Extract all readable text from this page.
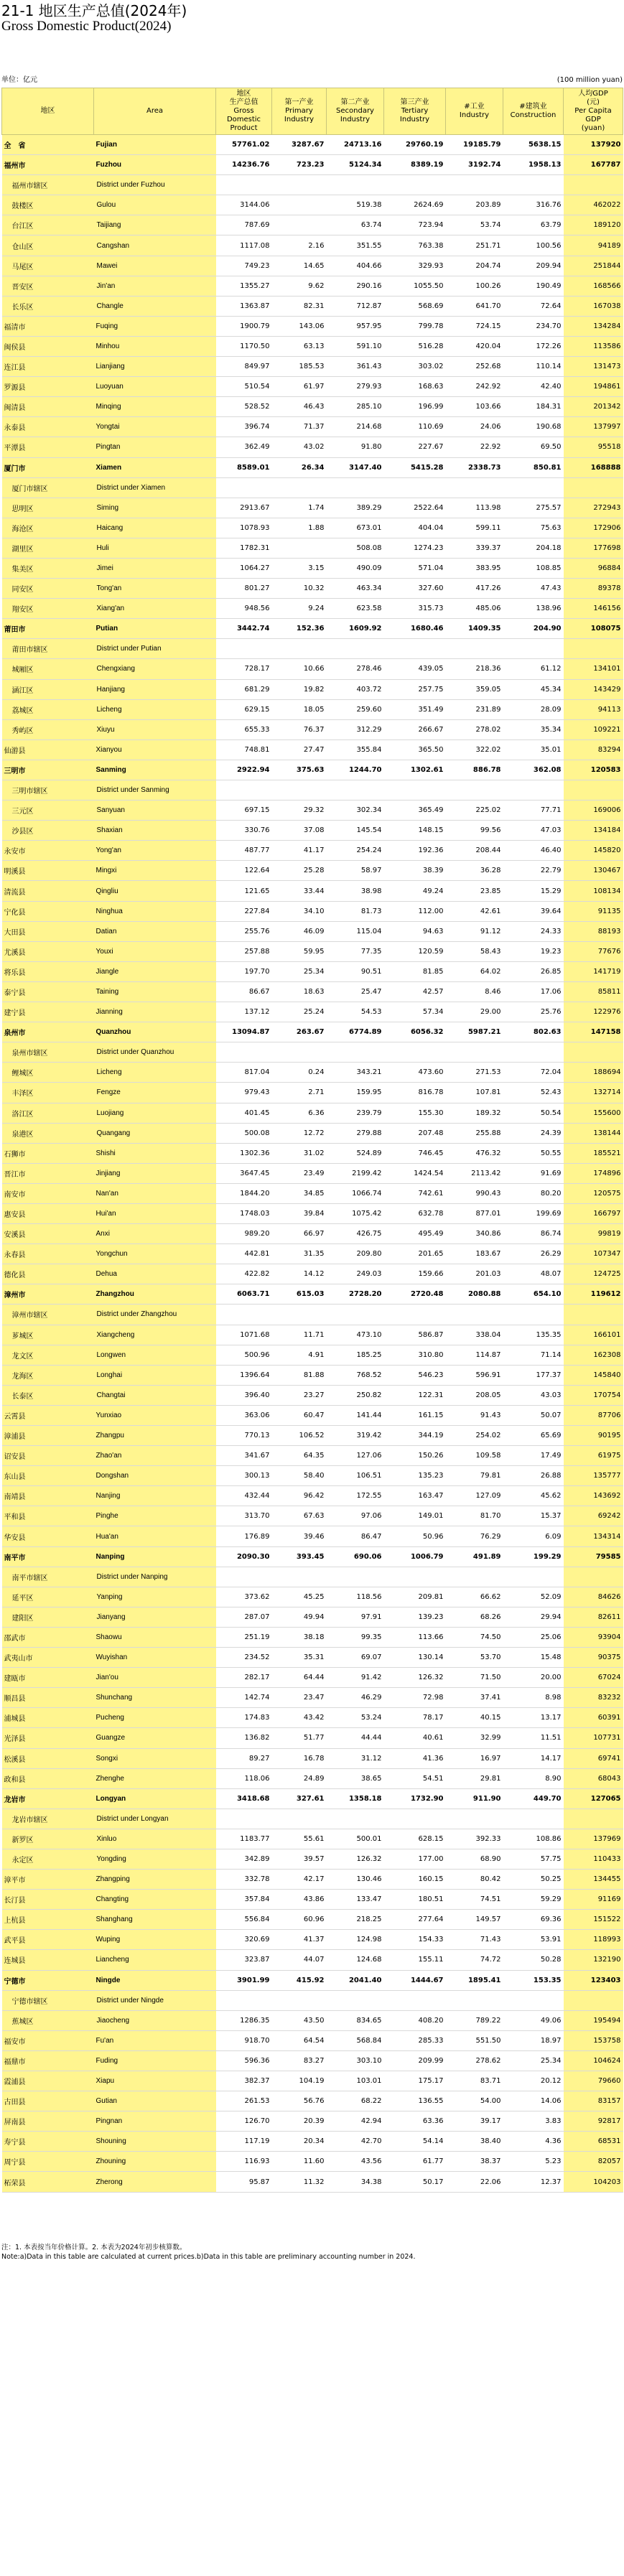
21-1 地区生产总值(2024年)
Gross Domestic Product(2024)
单位：亿元	(100 million yuan)
地区	Area	地区
生产总值
Gross
Domestic
Product	第一产业
Primary
Industry	第二产业
Secondary
Industry	第三产业
Tertiary
Industry	#工业
Industry	#建筑业
Construction	人均GDP
(元)
Per Capita
GDP
(yuan)
全　省	Fujian	57761.02	3287.67	24713.16	29760.19	19185.79	5638.15	137920
福州市	Fuzhou	14236.76	723.23	5124.34	8389.19	3192.74	1958.13	167787
福州市辖区	District under Fuzhou							
鼓楼区	Gulou	3144.06		519.38	2624.69	203.89	316.76	462022
台江区	Taijiang	787.69		63.74	723.94	53.74	63.79	189120
仓山区	Cangshan	1117.08	2.16	351.55	763.38	251.71	100.56	94189
马尾区	Mawei	749.23	14.65	404.66	329.93	204.74	209.94	251844
晋安区	Jin'an	1355.27	9.62	290.16	1055.50	100.26	190.49	168566
长乐区	Changle	1363.87	82.31	712.87	568.69	641.70	72.64	167038
福清市	Fuqing	1900.79	143.06	957.95	799.78	724.15	234.70	134284
闽侯县	Minhou	1170.50	63.13	591.10	516.28	420.04	172.26	113586
连江县	Lianjiang	849.97	185.53	361.43	303.02	252.68	110.14	131473
罗源县	Luoyuan	510.54	61.97	279.93	168.63	242.92	42.40	194861
闽清县	Minqing	528.52	46.43	285.10	196.99	103.66	184.31	201342
永泰县	Yongtai	396.74	71.37	214.68	110.69	24.06	190.68	137997
平潭县	Pingtan	362.49	43.02	91.80	227.67	22.92	69.50	95518
厦门市	Xiamen	8589.01	26.34	3147.40	5415.28	2338.73	850.81	168888
厦门市辖区	District under Xiamen							
思明区	Siming	2913.67	1.74	389.29	2522.64	113.98	275.57	272943
海沧区	Haicang	1078.93	1.88	673.01	404.04	599.11	75.63	172906
湖里区	Huli	1782.31		508.08	1274.23	339.37	204.18	177698
集美区	Jimei	1064.27	3.15	490.09	571.04	383.95	108.85	96884
同安区	Tong'an	801.27	10.32	463.34	327.60	417.26	47.43	89378
翔安区	Xiang'an	948.56	9.24	623.58	315.73	485.06	138.96	146156
莆田市	Putian	3442.74	152.36	1609.92	1680.46	1409.35	204.90	108075
莆田市辖区	District under Putian							
城厢区	Chengxiang	728.17	10.66	278.46	439.05	218.36	61.12	134101
涵江区	Hanjiang	681.29	19.82	403.72	257.75	359.05	45.34	143429
荔城区	Licheng	629.15	18.05	259.60	351.49	231.89	28.09	94113
秀屿区	Xiuyu	655.33	76.37	312.29	266.67	278.02	35.34	109221
仙游县	Xianyou	748.81	27.47	355.84	365.50	322.02	35.01	83294
三明市	Sanming	2922.94	375.63	1244.70	1302.61	886.78	362.08	120583
三明市辖区	District under Sanming							
三元区	Sanyuan	697.15	29.32	302.34	365.49	225.02	77.71	169006
沙县区	Shaxian	330.76	37.08	145.54	148.15	99.56	47.03	134184
永安市	Yong'an	487.77	41.17	254.24	192.36	208.44	46.40	145820
明溪县	Mingxi	122.64	25.28	58.97	38.39	36.28	22.79	130467
清流县	Qingliu	121.65	33.44	38.98	49.24	23.85	15.29	108134
宁化县	Ninghua	227.84	34.10	81.73	112.00	42.61	39.64	91135
大田县	Datian	255.76	46.09	115.04	94.63	91.12	24.33	88193
尤溪县	Youxi	257.88	59.95	77.35	120.59	58.43	19.23	77676
将乐县	Jiangle	197.70	25.34	90.51	81.85	64.02	26.85	141719
泰宁县	Taining	86.67	18.63	25.47	42.57	8.46	17.06	85811
建宁县	Jianning	137.12	25.24	54.53	57.34	29.00	25.76	122976
泉州市	Quanzhou	13094.87	263.67	6774.89	6056.32	5987.21	802.63	147158
泉州市辖区	District under Quanzhou							
鲤城区	Licheng	817.04	0.24	343.21	473.60	271.53	72.04	188694
丰泽区	Fengze	979.43	2.71	159.95	816.78	107.81	52.43	132714
洛江区	Luojiang	401.45	6.36	239.79	155.30	189.32	50.54	155600
泉港区	Quangang	500.08	12.72	279.88	207.48	255.88	24.39	138144
石狮市	Shishi	1302.36	31.02	524.89	746.45	476.32	50.55	185521
晋江市	Jinjiang	3647.45	23.49	2199.42	1424.54	2113.42	91.69	174896
南安市	Nan'an	1844.20	34.85	1066.74	742.61	990.43	80.20	120575
惠安县	Hui'an	1748.03	39.84	1075.42	632.78	877.01	199.69	166797
安溪县	Anxi	989.20	66.97	426.75	495.49	340.86	86.74	99819
永春县	Yongchun	442.81	31.35	209.80	201.65	183.67	26.29	107347
德化县	Dehua	422.82	14.12	249.03	159.66	201.03	48.07	124725
漳州市	Zhangzhou	6063.71	615.03	2728.20	2720.48	2080.88	654.10	119612
漳州市辖区	District under Zhangzhou							
芗城区	Xiangcheng	1071.68	11.71	473.10	586.87	338.04	135.35	166101
龙文区	Longwen	500.96	4.91	185.25	310.80	114.87	71.14	162308
龙海区	Longhai	1396.64	81.88	768.52	546.23	596.91	177.37	145840
长泰区	Changtai	396.40	23.27	250.82	122.31	208.05	43.03	170754
云霄县	Yunxiao	363.06	60.47	141.44	161.15	91.43	50.07	87706
漳浦县	Zhangpu	770.13	106.52	319.42	344.19	254.02	65.69	90195
诏安县	Zhao'an	341.67	64.35	127.06	150.26	109.58	17.49	61975
东山县	Dongshan	300.13	58.40	106.51	135.23	79.81	26.88	135777
南靖县	Nanjing	432.44	96.42	172.55	163.47	127.09	45.62	143692
平和县	Pinghe	313.70	67.63	97.06	149.01	81.70	15.37	69242
华安县	Hua'an	176.89	39.46	86.47	50.96	76.29	6.09	134314
南平市	Nanping	2090.30	393.45	690.06	1006.79	491.89	199.29	79585
南平市辖区	District under Nanping							
延平区	Yanping	373.62	45.25	118.56	209.81	66.62	52.09	84626
建阳区	Jianyang	287.07	49.94	97.91	139.23	68.26	29.94	82611
邵武市	Shaowu	251.19	38.18	99.35	113.66	74.50	25.06	93904
武夷山市	Wuyishan	234.52	35.31	69.07	130.14	53.70	15.48	90375
建瓯市	Jian'ou	282.17	64.44	91.42	126.32	71.50	20.00	67024
顺昌县	Shunchang	142.74	23.47	46.29	72.98	37.41	8.98	83232
浦城县	Pucheng	174.83	43.42	53.24	78.17	40.15	13.17	60391
光泽县	Guangze	136.82	51.77	44.44	40.61	32.99	11.51	107731
松溪县	Songxi	89.27	16.78	31.12	41.36	16.97	14.17	69741
政和县	Zhenghe	118.06	24.89	38.65	54.51	29.81	8.90	68043
龙岩市	Longyan	3418.68	327.61	1358.18	1732.90	911.90	449.70	127065
龙岩市辖区	District under Longyan							
新罗区	Xinluo	1183.77	55.61	500.01	628.15	392.33	108.86	137969
永定区	Yongding	342.89	39.57	126.32	177.00	68.90	57.75	110433
漳平市	Zhangping	332.78	42.17	130.46	160.15	80.42	50.25	134455
长汀县	Changting	357.84	43.86	133.47	180.51	74.51	59.29	91169
上杭县	Shanghang	556.84	60.96	218.25	277.64	149.57	69.36	151522
武平县	Wuping	320.69	41.37	124.98	154.33	71.43	53.91	118993
连城县	Liancheng	323.87	44.07	124.68	155.11	74.72	50.28	132190
宁德市	Ningde	3901.99	415.92	2041.40	1444.67	1895.41	153.35	123403
宁德市辖区	District under Ningde							
蕉城区	Jiaocheng	1286.35	43.50	834.65	408.20	789.22	49.06	195494
福安市	Fu'an	918.70	64.54	568.84	285.33	551.50	18.97	153758
福鼎市	Fuding	596.36	83.27	303.10	209.99	278.62	25.34	104624
霞浦县	Xiapu	382.37	104.19	103.01	175.17	83.71	20.12	79660
古田县	Gutian	261.53	56.76	68.22	136.55	54.00	14.06	83157
屏南县	Pingnan	126.70	20.39	42.94	63.36	39.17	3.83	92817
寿宁县	Shouning	117.19	20.34	42.70	54.14	38.40	4.36	68531
周宁县	Zhouning	116.93	11.60	43.56	61.77	38.37	5.23	82057
柘荣县	Zherong	95.87	11.32	34.38	50.17	22.06	12.37	104203
注：1. 本表按当年价格计算。2. 本表为2024年初步核算数。
Note:a)Data in this table are calculated at current prices.b)Data in this table are preliminary accounting number in 2024.
